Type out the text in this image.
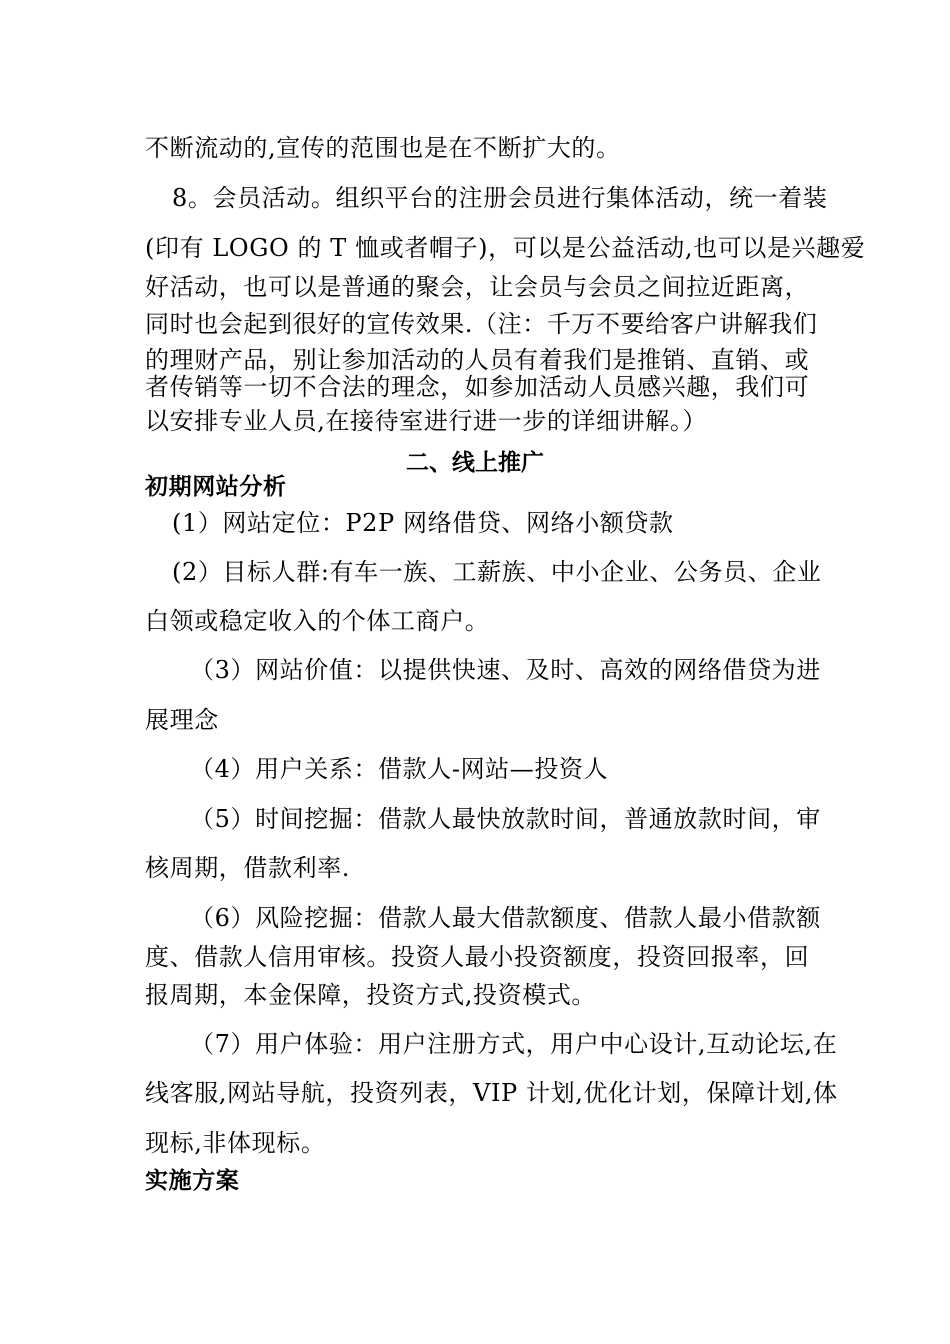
不断流动的,宣传的范围也是在不断扩大的。
8。会员活动。组织平台的注册会员进行集体活动，统一着装
(印有 LOGO 的 T 恤或者帽子)，可以是公益活动,也可以是兴趣爱
好活动，也可以是普通的聚会，让会员与会员之间拉近距离，
同时也会起到很好的宣传效果.（注：千万不要给客户讲解我们
的理财产品，别让参加活动的人员有着我们是推销、直销、或
者传销等一切不合法的理念，如参加活动人员感兴趣，我们可
以安排专业人员,在接待室进行进一步的详细讲解。）
二、线上推广
初期网站分析
(1）网站定位：P2P 网络借贷、网络小额贷款
(2）目标人群:有车一族、工薪族、中小企业、公务员、企业
白领或稳定收入的个体工商户。
（3）网站价值：以提供快速、及时、高效的网络借贷为进
展理念
（4）用户关系：借款人-网站—投资人
（5）时间挖掘：借款人最快放款时间，普通放款时间，审
核周期，借款利率.
（6）风险挖掘：借款人最大借款额度、借款人最小借款额
度、借款人信用审核。投资人最小投资额度，投资回报率，回
报周期，本金保障，投资方式,投资模式。
（7）用户体验：用户注册方式，用户中心设计,互动论坛,在
线客服,网站导航，投资列表，VIP 计划,优化计划，保障计划,体
现标,非体现标。
实施方案
